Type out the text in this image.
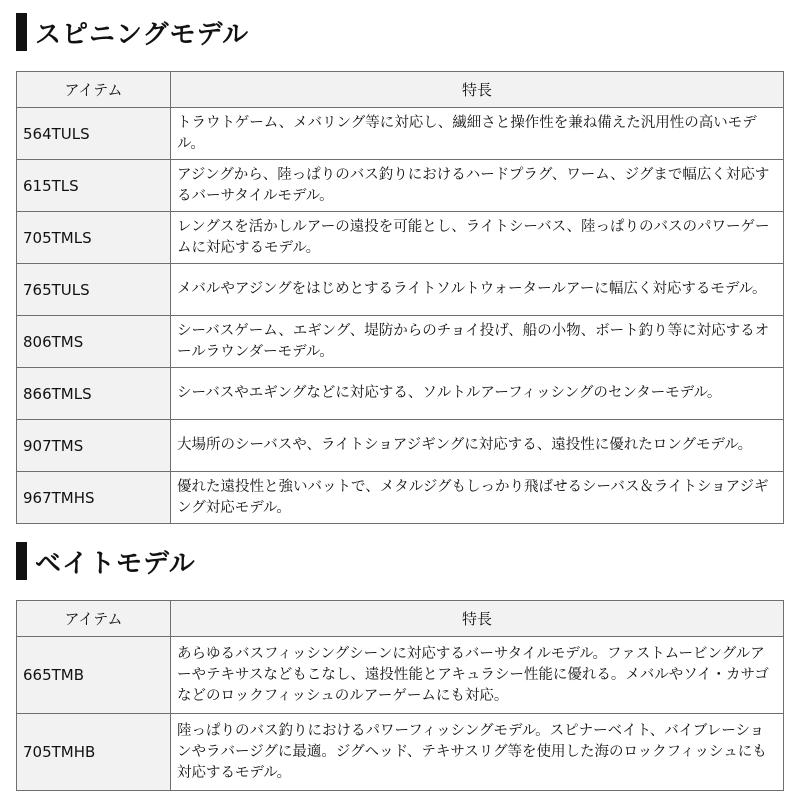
スピニングモデル
アイテム	特長
564TULS	トラウトゲーム、メバリング等に対応し、繊細さと操作性を兼ね備えた汎用性の高いモデル。
615TLS	アジングから、陸っぱりのバス釣りにおけるハードプラグ、ワーム、ジグまで幅広く対応するバーサタイルモデル。
705TMLS	レングスを活かしルアーの遠投を可能とし、ライトシーバス、陸っぱりのバスのパワーゲームに対応するモデル。
765TULS	メバルやアジングをはじめとするライトソルトウォータールアーに幅広く対応するモデル。
806TMS	シーバスゲーム、エギング、堤防からのチョイ投げ、船の小物、ボート釣り等に対応するオールラウンダーモデル。
866TMLS	シーバスやエギングなどに対応する、ソルトルアーフィッシングのセンターモデル。
907TMS	大場所のシーバスや、ライトショアジギングに対応する、遠投性に優れたロングモデル。
967TMHS	優れた遠投性と強いバットで、メタルジグもしっかり飛ばせるシーバス＆ライトショアジギング対応モデル。
ベイトモデル
アイテム	特長
665TMB	あらゆるバスフィッシングシーンに対応するバーサタイルモデル。ファストムービングルアーやテキサスなどもこなし、遠投性能とアキュラシー性能に優れる。メバルやソイ・カサゴなどのロックフィッシュのルアーゲームにも対応。
705TMHB	陸っぱりのバス釣りにおけるパワーフィッシングモデル。スピナーベイト、バイブレーションやラバージグに最適。ジグヘッド、テキサスリグ等を使用した海のロックフィッシュにも対応するモデル。
